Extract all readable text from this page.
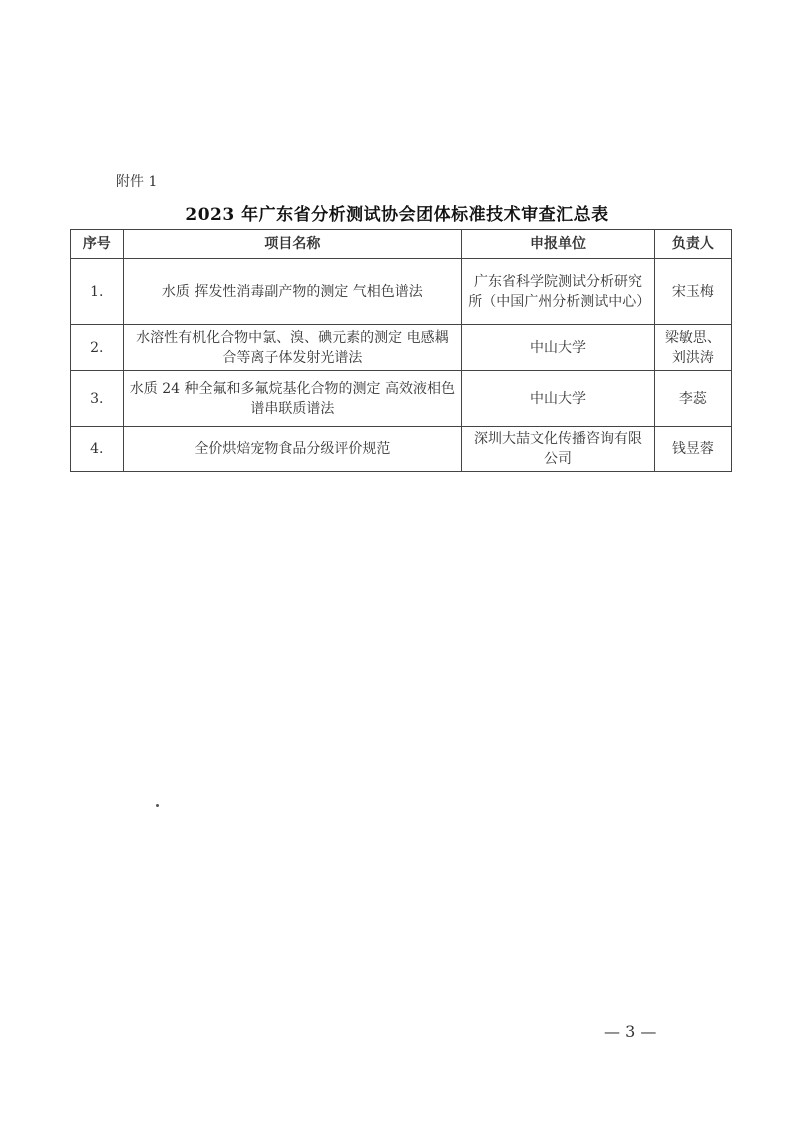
附件 1
2023 年广东省分析测试协会团体标准技术审查汇总表
序号	项目名称	申报单位	负责人
1.	水质 挥发性消毒副产物的测定 气相色谱法	广东省科学院测试分析研究所（中国广州分析测试中心）	宋玉梅
2.	水溶性有机化合物中氯、溴、碘元素的测定 电感耦合等离子体发射光谱法	中山大学	梁敏思、刘洪涛
3.	水质 24 种全氟和多氟烷基化合物的测定 高效液相色谱串联质谱法	中山大学	李蕊
4.	全价烘焙宠物食品分级评价规范	深圳大喆文化传播咨询有限公司	钱昱蓉
— 3 —
